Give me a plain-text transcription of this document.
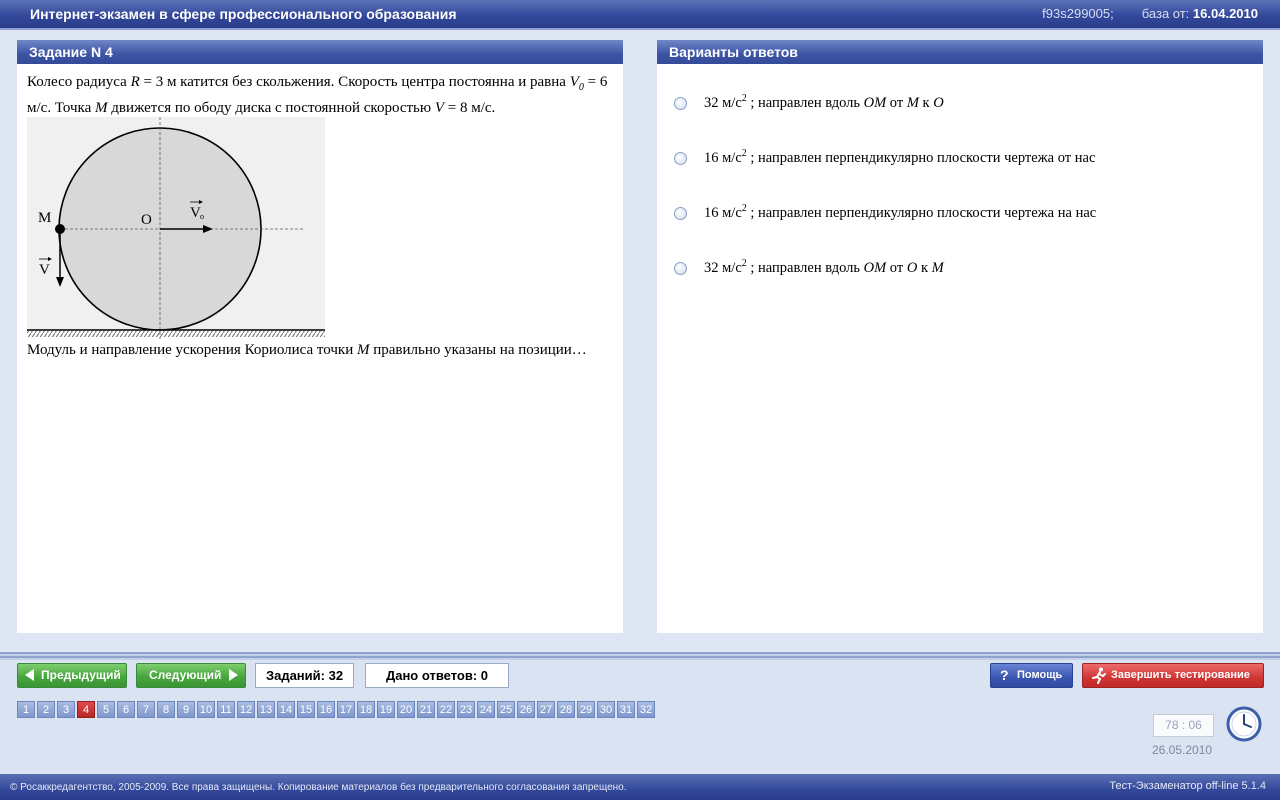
Интернет-экзамен в сфере профессионального образования	f93s299005; база от: 16.04.2010
Задание N 4
Колесо радиуса R = 3 м катится без скольжения. Скорость центра постоянна и равна $V_0 = 6$ м/с. Точка M движется по ободу диска с постоянной скоростью V = 8 м/с.
M	O	V o
V
Модуль и направление ускорения Кориолиса точки M правильно указаны на позиции…
Варианты ответов
32 $м/с^2$ ; направлен вдоль OM от M к O
16 $м/с^2$ ; направлен перпендикулярно плоскости чертежа от нас
16 $м/с^2$ ; направлен перпендикулярно плоскости чертежа на нас
32 $м/с^2$ ; направлен вдоль OM от O к M
Предыдущий Следующий	Заданий: 32	Дано ответов: 0	? Помощь	Завершить тестирование
1	2	3	4	5	6	7	8	9 10 11 12 13 14 15 16 17 18 19 20 21 22 23 24 25 26 27 28 29 30 31 32
78 : 06
26.05.2010
© Росаккредагентство, 2005-2009. Все права защищены. Копирование материалов без предварительного согласования запрещено.	Тест-Экзаменатор off-line 5.1.4
